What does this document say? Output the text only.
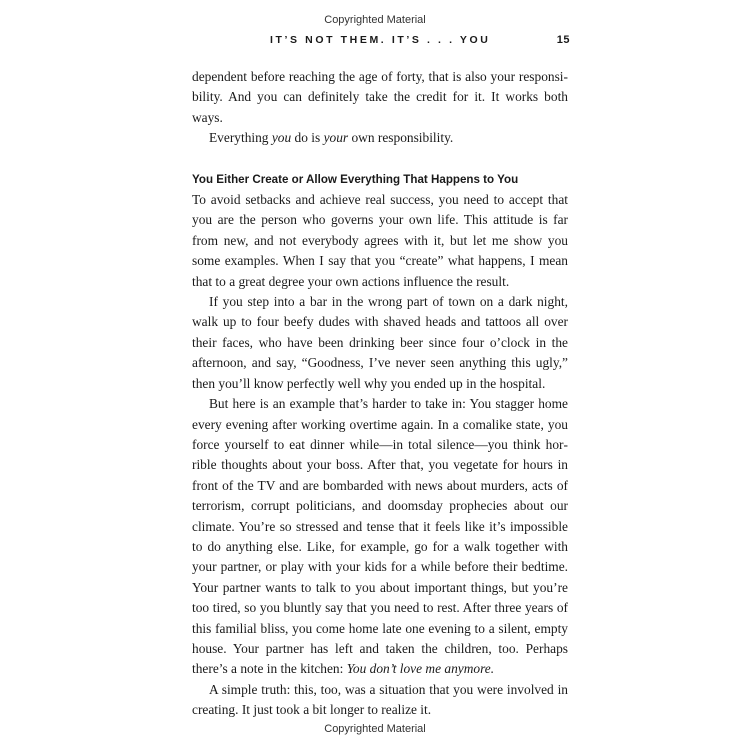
Copyrighted Material
IT’S NOT THEM. IT’S . . . YOU	15

dependent before reaching the age of forty, that is also your responsibility. And you can definitely take the credit for it. It works both ways.

Everything you do is your own responsibility.

You Either Create or Allow Everything That Happens to You

To avoid setbacks and achieve real success, you need to accept that you are the person who governs your own life. This attitude is far from new, and not everybody agrees with it, but let me show you some examples. When I say that you “create” what happens, I mean that to a great degree your own actions influence the result.

If you step into a bar in the wrong part of town on a dark night, walk up to four beefy dudes with shaved heads and tattoos all over their faces, who have been drinking beer since four o’clock in the afternoon, and say, “Goodness, I’ve never seen anything this ugly,” then you’ll know perfectly well why you ended up in the hospital.

But here is an example that’s harder to take in: You stagger home every evening after working overtime again. In a comalike state, you force yourself to eat dinner while—in total silence—you think horrible thoughts about your boss. After that, you vegetate for hours in front of the TV and are bombarded with news about murders, acts of terrorism, corrupt politicians, and doomsday prophecies about our climate. You’re so stressed and tense that it feels like it’s impossible to do anything else. Like, for example, go for a walk together with your partner, or play with your kids for a while before their bedtime. Your partner wants to talk to you about important things, but you’re too tired, so you bluntly say that you need to rest. After three years of this familial bliss, you come home late one evening to a silent, empty house. Your partner has left and taken the children, too. Perhaps there’s a note in the kitchen: You don’t love me anymore.

A simple truth: this, too, was a situation that you were involved in creating. It just took a bit longer to realize it.

Copyrighted Material
